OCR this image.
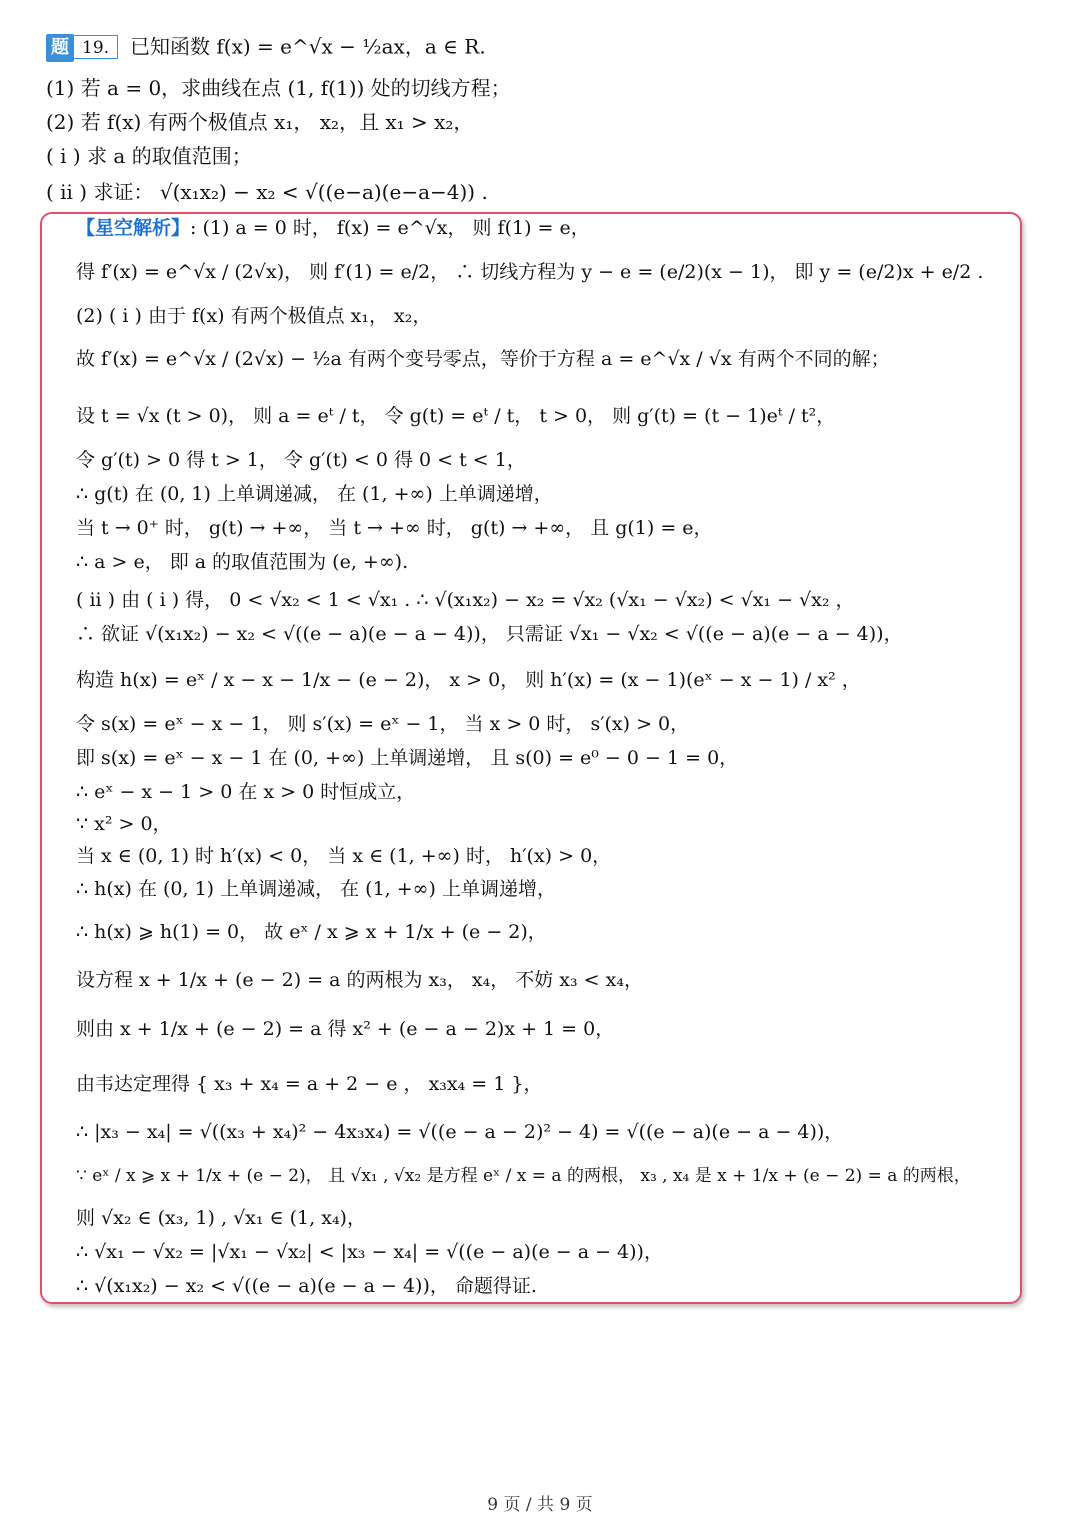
题 19. 已知函数 f(x) = e^√x − ½ax，a ∈ R.
(1) 若 a = 0，求曲线在点 (1, f(1)) 处的切线方程；
(2) 若 f(x) 有两个极值点 x₁， x₂，且 x₁ > x₂，
( i ) 求 a 的取值范围；
( ii ) 求证： √(x₁x₂) − x₂ < √((e−a)(e−a−4)) .
【星空解析】: (1) a = 0 时， f(x) = e^√x， 则 f(1) = e，
得 f′(x) = e^√x / (2√x)， 则 f′(1) = e/2， ∴ 切线方程为 y − e = (e/2)(x − 1)， 即 y = (e/2)x + e/2 .
(2) ( i ) 由于 f(x) 有两个极值点 x₁， x₂，
故 f′(x) = e^√x / (2√x) − ½a 有两个变号零点，等价于方程 a = e^√x / √x 有两个不同的解；
设 t = √x (t > 0)， 则 a = eᵗ / t， 令 g(t) = eᵗ / t， t > 0， 则 g′(t) = (t − 1)eᵗ / t²，
令 g′(t) > 0 得 t > 1， 令 g′(t) < 0 得 0 < t < 1，
∴ g(t) 在 (0, 1) 上单调递减， 在 (1, +∞) 上单调递增，
当 t → 0⁺ 时， g(t) → +∞， 当 t → +∞ 时， g(t) → +∞， 且 g(1) = e，
∴ a > e， 即 a 的取值范围为 (e, +∞).
( ii ) 由 ( i ) 得， 0 < √x₂ < 1 < √x₁ . ∴ √(x₁x₂) − x₂ = √x₂ (√x₁ − √x₂) < √x₁ − √x₂ ，
∴ 欲证 √(x₁x₂) − x₂ < √((e − a)(e − a − 4))， 只需证 √x₁ − √x₂ < √((e − a)(e − a − 4))，
构造 h(x) = eˣ / x − x − 1/x − (e − 2)， x > 0， 则 h′(x) = (x − 1)(eˣ − x − 1) / x² ，
令 s(x) = eˣ − x − 1， 则 s′(x) = eˣ − 1， 当 x > 0 时， s′(x) > 0，
即 s(x) = eˣ − x − 1 在 (0, +∞) 上单调递增， 且 s(0) = e⁰ − 0 − 1 = 0，
∴ eˣ − x − 1 > 0 在 x > 0 时恒成立，
∵ x² > 0，
当 x ∈ (0, 1) 时 h′(x) < 0， 当 x ∈ (1, +∞) 时， h′(x) > 0，
∴ h(x) 在 (0, 1) 上单调递减， 在 (1, +∞) 上单调递增，
∴ h(x) ⩾ h(1) = 0， 故 eˣ / x ⩾ x + 1/x + (e − 2)，
设方程 x + 1/x + (e − 2) = a 的两根为 x₃， x₄， 不妨 x₃ < x₄，
则由 x + 1/x + (e − 2) = a 得 x² + (e − a − 2)x + 1 = 0，
由韦达定理得 { x₃ + x₄ = a + 2 − e ， x₃x₄ = 1 }，
∴ |x₃ − x₄| = √((x₃ + x₄)² − 4x₃x₄) = √((e − a − 2)² − 4) = √((e − a)(e − a − 4))，
∵ eˣ / x ⩾ x + 1/x + (e − 2)， 且 √x₁ , √x₂ 是方程 eˣ / x = a 的两根， x₃ , x₄ 是 x + 1/x + (e − 2) = a 的两根，
则 √x₂ ∈ (x₃, 1) , √x₁ ∈ (1, x₄)，
∴ √x₁ − √x₂ = |√x₁ − √x₂| < |x₃ − x₄| = √((e − a)(e − a − 4))，
∴ √(x₁x₂) − x₂ < √((e − a)(e − a − 4))， 命题得证.
9 页 / 共 9 页
